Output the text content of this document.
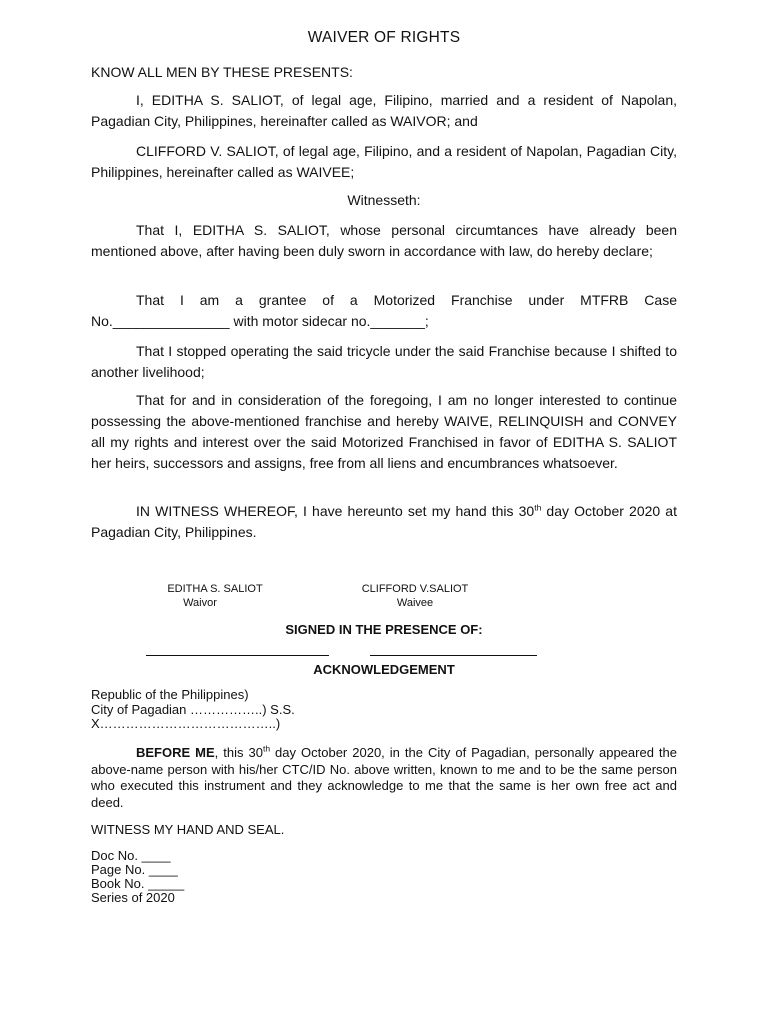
WAIVER OF RIGHTS
KNOW ALL MEN BY THESE PRESENTS:
I, EDITHA S. SALIOT, of legal age, Filipino, married and a resident of Napolan, Pagadian City, Philippines, hereinafter called as WAIVOR; and
CLIFFORD V. SALIOT, of legal age, Filipino, and a resident of Napolan, Pagadian City, Philippines, hereinafter called as WAIVEE;
Witnesseth:
That I, EDITHA S. SALIOT, whose personal circumtances have already been mentioned above, after having been duly sworn in accordance with law, do hereby declare;
That I am a grantee of a Motorized Franchise under MTFRB Case No._______________ with motor sidecar no._______;
That I stopped operating the said tricycle under the said Franchise because I shifted to another livelihood;
That for and in consideration of the foregoing, I am no longer interested to continue possessing the above-mentioned franchise and hereby WAIVE, RELINQUISH and CONVEY all my rights and interest over the said Motorized Franchised in favor of EDITHA S. SALIOT her heirs, successors and assigns, free from all liens and encumbrances whatsoever.
IN WITNESS WHEREOF, I have hereunto set my hand this 30th day October 2020 at Pagadian City, Philippines.
EDITHA S. SALIOT
Waivor
CLIFFORD V.SALIOT
Waivee
SIGNED IN THE PRESENCE OF:
ACKNOWLEDGEMENT
Republic of the Philippines)
City of Pagadian ……………..) S.S.
X…………………………………..)
BEFORE ME, this 30th day October 2020, in the City of Pagadian, personally appeared the above-name person with his/her CTC/ID No. above written, known to me and to be the same person who executed this instrument and they acknowledge to me that the same is her own free act and deed.
WITNESS MY HAND AND SEAL.
Doc No. ____
Page No. ____
Book No. _____
Series of 2020
